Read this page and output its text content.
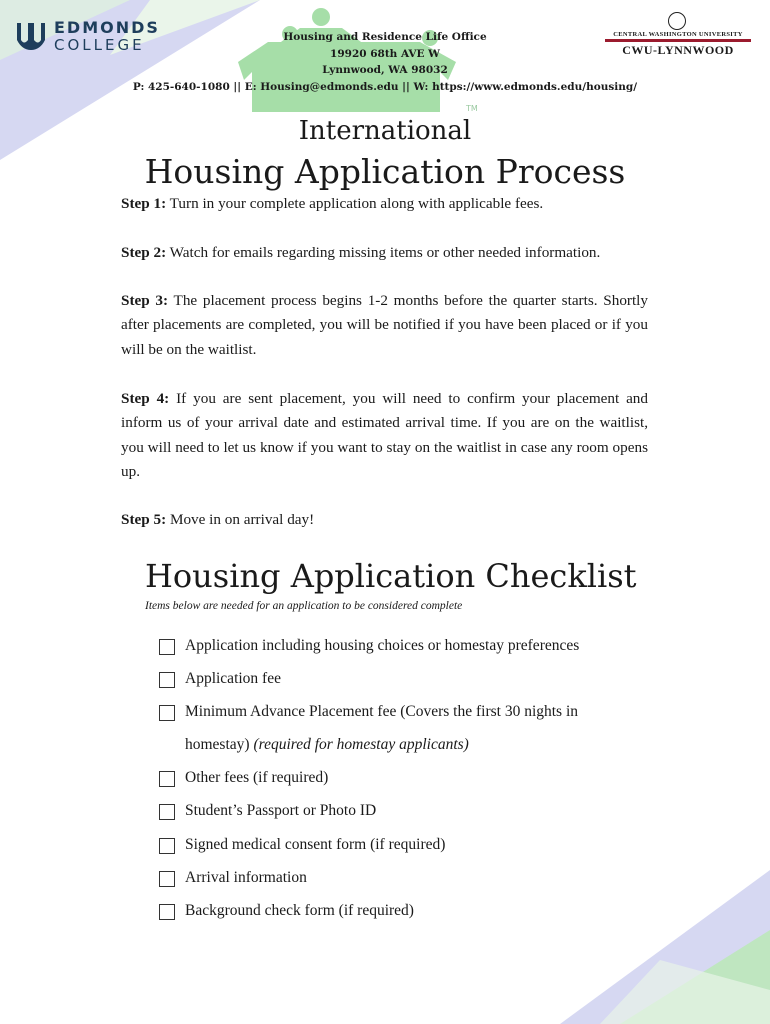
EDMONDS
COLLEGE	Housing and Residence Life Office
19920 68th AVE W
Lynnwood, WA 98032
P: 425-640-1080 || E: Housing@edmonds.edu || W: https://www.edmonds.edu/housing/
TM
CENTRAL WASHINGTON UNIVERSITY
CWU-LYNNWOOD
International
Housing Application Process
Step 1: Turn in your complete application along with applicable fees.
Step 2: Watch for emails regarding missing items or other needed information.
Step 3: The placement process begins 1-2 months before the quarter starts. Shortly after placements are completed, you will be notified if you have been placed or if you will be on the waitlist.
Step 4: If you are sent placement, you will need to confirm your placement and inform us of your arrival date and estimated arrival time. If you are on the waitlist, you will need to let us know if you want to stay on the waitlist in case any room opens up.
Step 5: Move in on arrival day!
Housing Application Checklist
Items below are needed for an application to be considered complete
Application including housing choices or homestay preferences
Application fee
Minimum Advance Placement fee (Covers the first 30 nights in homestay) (required for homestay applicants)
Other fees (if required)
Student’s Passport or Photo ID
Signed medical consent form (if required)
Arrival information
Background check form (if required)
